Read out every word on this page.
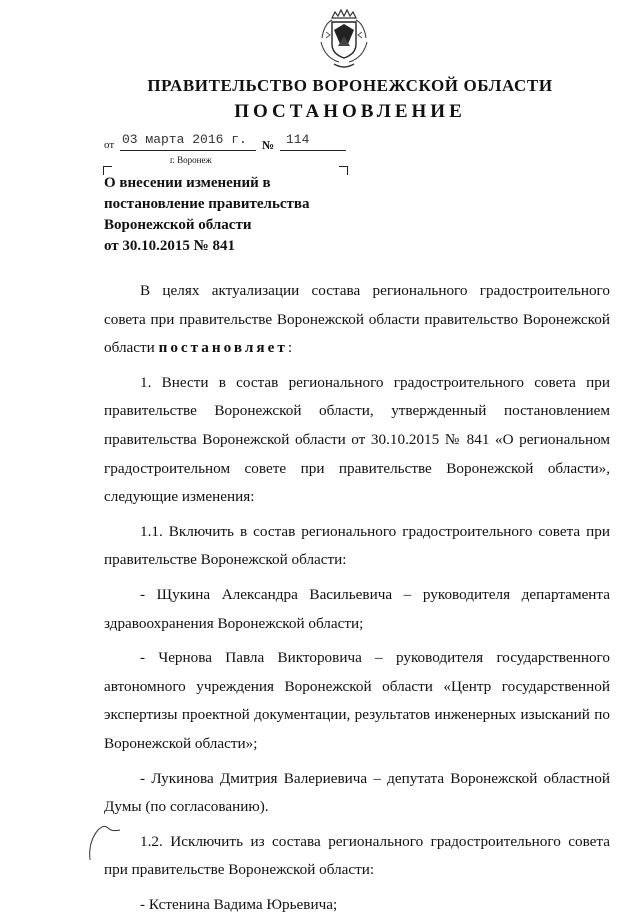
ПРАВИТЕЛЬСТВО ВОРОНЕЖСКОЙ ОБЛАСТИ
ПОСТАНОВЛЕНИЕ
от 03 марта 2016 г. № 114
г. Воронеж
О внесении изменений в
постановление правительства
Воронежской области
от 30.10.2015 № 841

В целях актуализации состава регионального градостроительного совета при правительстве Воронежской области правительство Воронежской области постановляет:

1. Внести в состав регионального градостроительного совета при правительстве Воронежской области, утвержденный постановлением правительства Воронежской области от 30.10.2015 № 841 «О региональном градостроительном совете при правительстве Воронежской области», следующие изменения:

1.1. Включить в состав регионального градостроительного совета при правительстве Воронежской области:

- Щукина Александра Васильевича – руководителя департамента здравоохранения Воронежской области;

- Чернова Павла Викторовича – руководителя государственного автономного учреждения Воронежской области «Центр государственной экспертизы проектной документации, результатов инженерных изысканий по Воронежской области»;

- Лукинова Дмитрия Валериевича – депутата Воронежской областной Думы (по согласованию).

1.2. Исключить из состава регионального градостроительного совета при правительстве Воронежской области:

- Кстенина Вадима Юрьевича;
